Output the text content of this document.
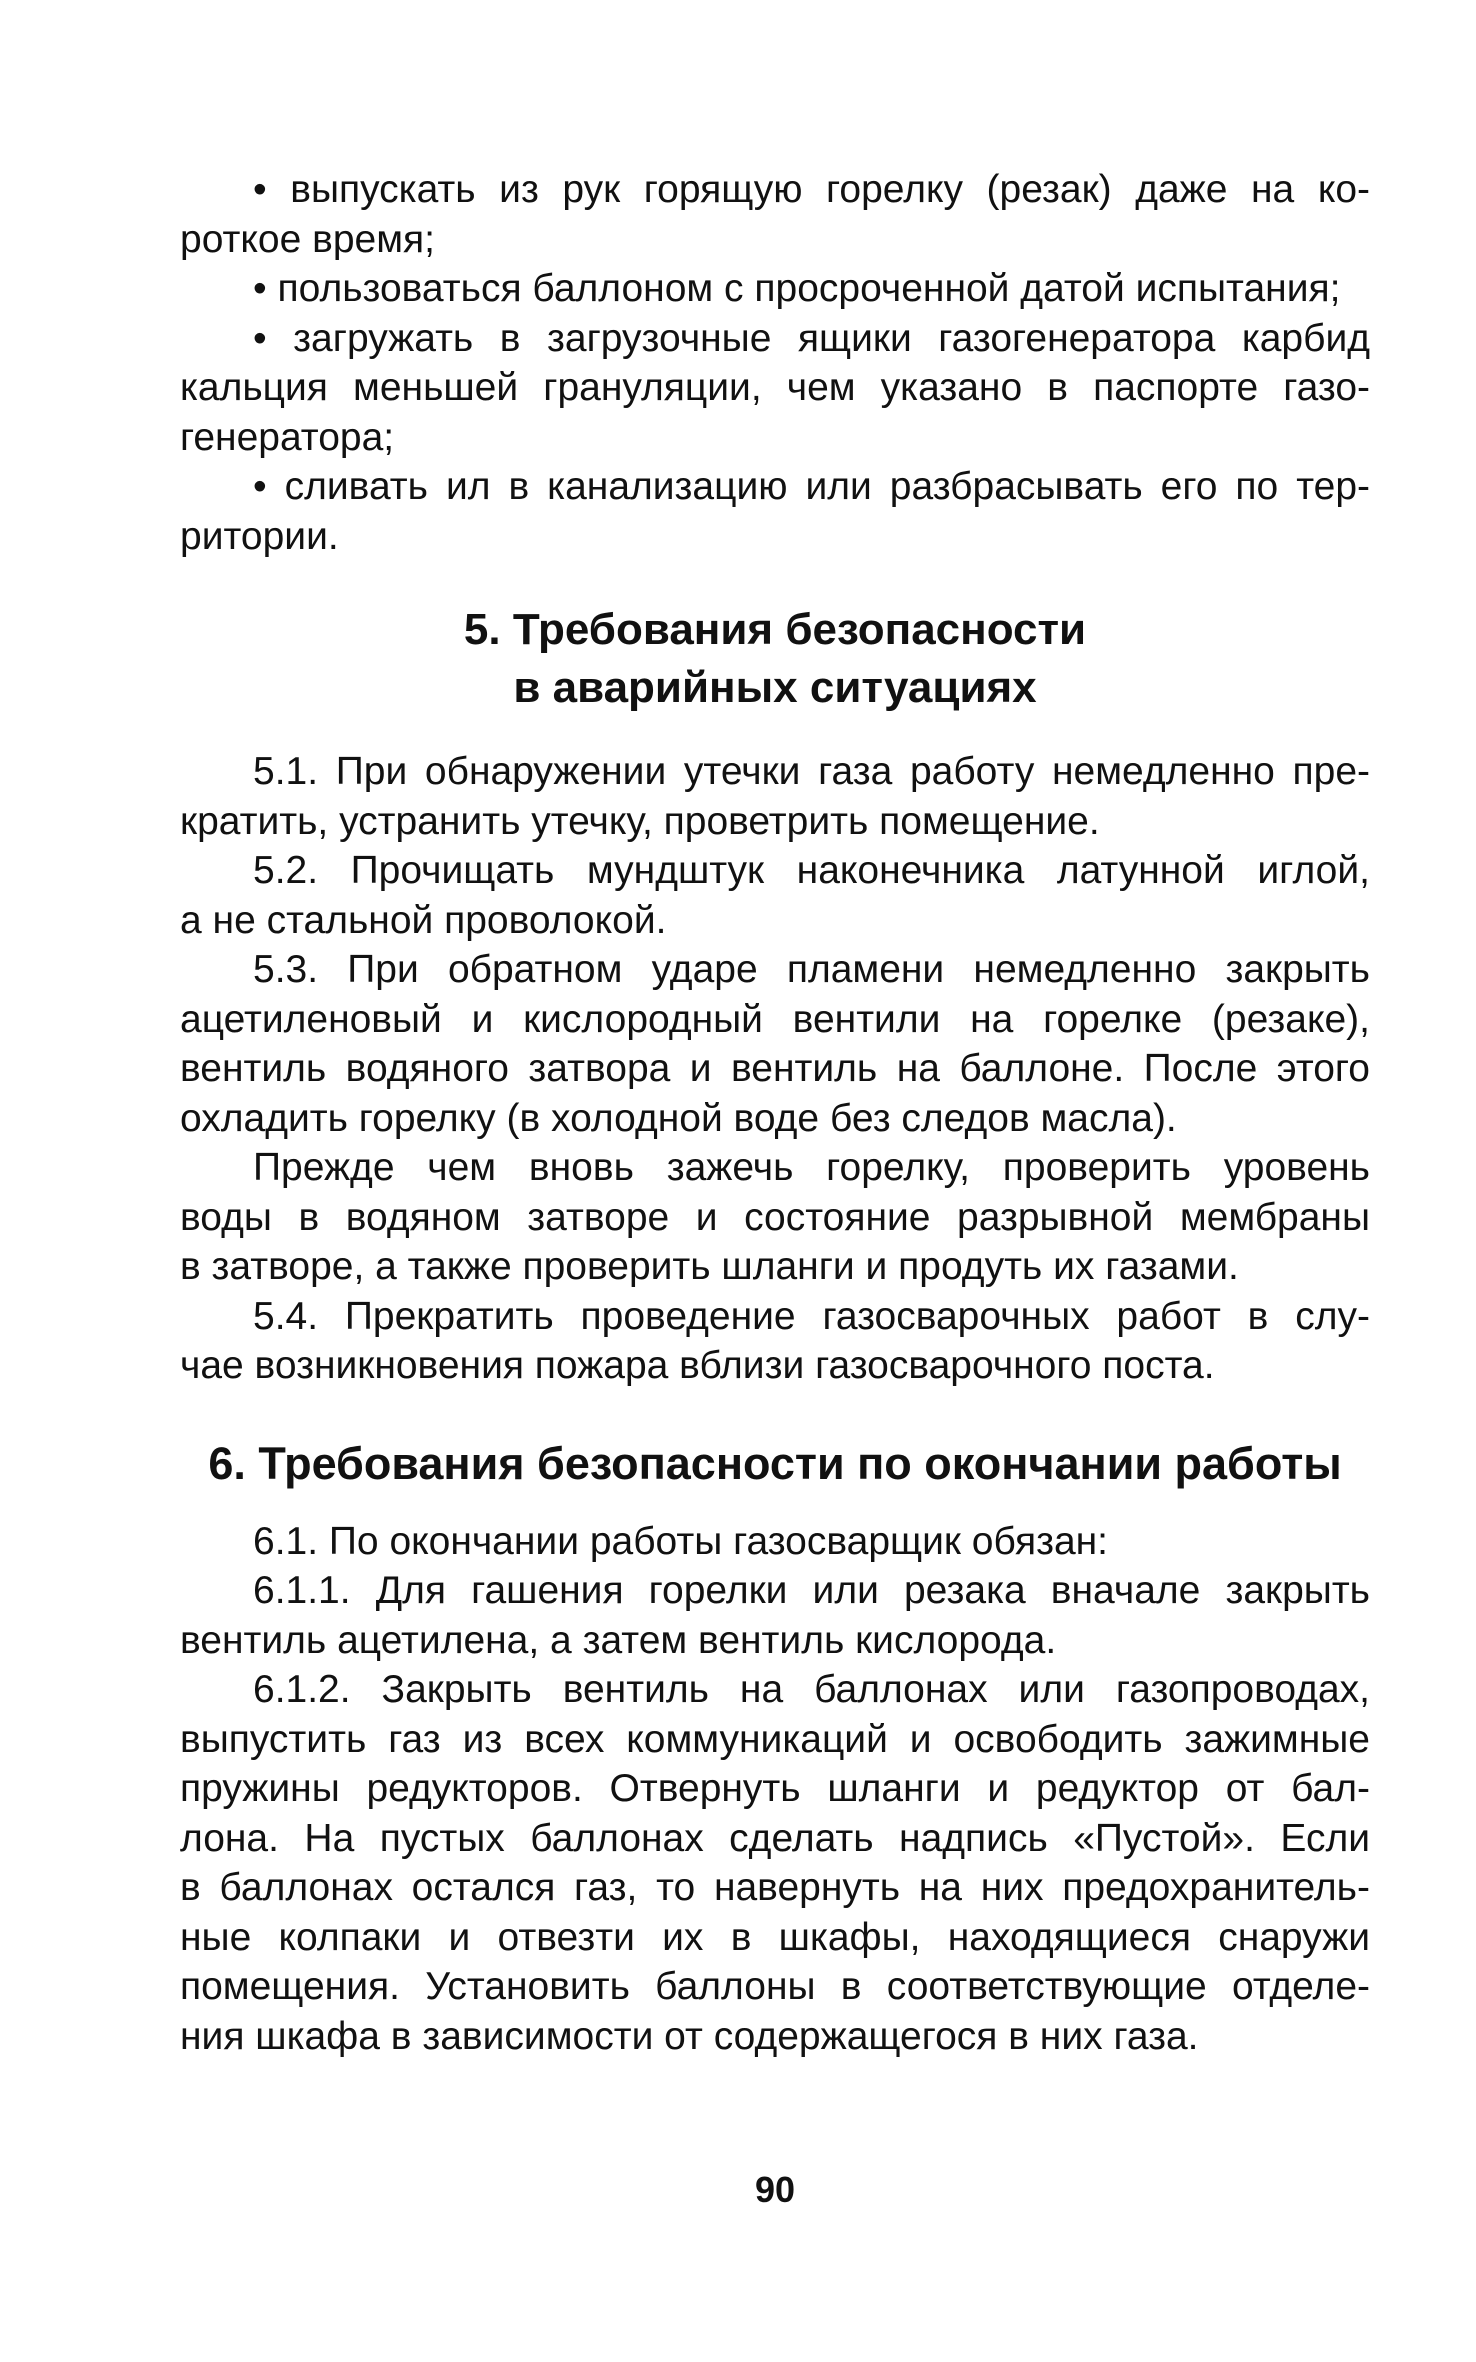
• выпускать из рук горящую горелку (резак) даже на ко-
роткое время;
• пользоваться баллоном с просроченной датой испытания;
• загружать в загрузочные ящики газогенератора карбид
кальция меньшей грануляции, чем указано в паспорте газо-
генератора;
• сливать ил в канализацию или разбрасывать его по тер-
ритории.
5. Требования безопасности
в аварийных ситуациях
5.1. При обнаружении утечки газа работу немедленно пре-
кратить, устранить утечку, проветрить помещение.
5.2. Прочищать мундштук наконечника латунной иглой,
а не стальной проволокой.
5.3. При обратном ударе пламени немедленно закрыть
ацетиленовый и кислородный вентили на горелке (резаке),
вентиль водяного затвора и вентиль на баллоне. После этого
охладить горелку (в холодной воде без следов масла).
Прежде чем вновь зажечь горелку, проверить уровень
воды в водяном затворе и состояние разрывной мембраны
в затворе, а также проверить шланги и продуть их газами.
5.4. Прекратить проведение газосварочных работ в слу-
чае возникновения пожара вблизи газосварочного поста.
6. Требования безопасности по окончании работы
6.1. По окончании работы газосварщик обязан:
6.1.1. Для гашения горелки или резака вначале закрыть
вентиль ацетилена, а затем вентиль кислорода.
6.1.2. Закрыть вентиль на баллонах или газопроводах,
выпустить газ из всех коммуникаций и освободить зажимные
пружины редукторов. Отвернуть шланги и редуктор от бал-
лона. На пустых баллонах сделать надпись «Пустой». Если
в баллонах остался газ, то навернуть на них предохранитель-
ные колпаки и отвезти их в шкафы, находящиеся снаружи
помещения. Установить баллоны в соответствующие отделе-
ния шкафа в зависимости от содержащегося в них газа.
90
